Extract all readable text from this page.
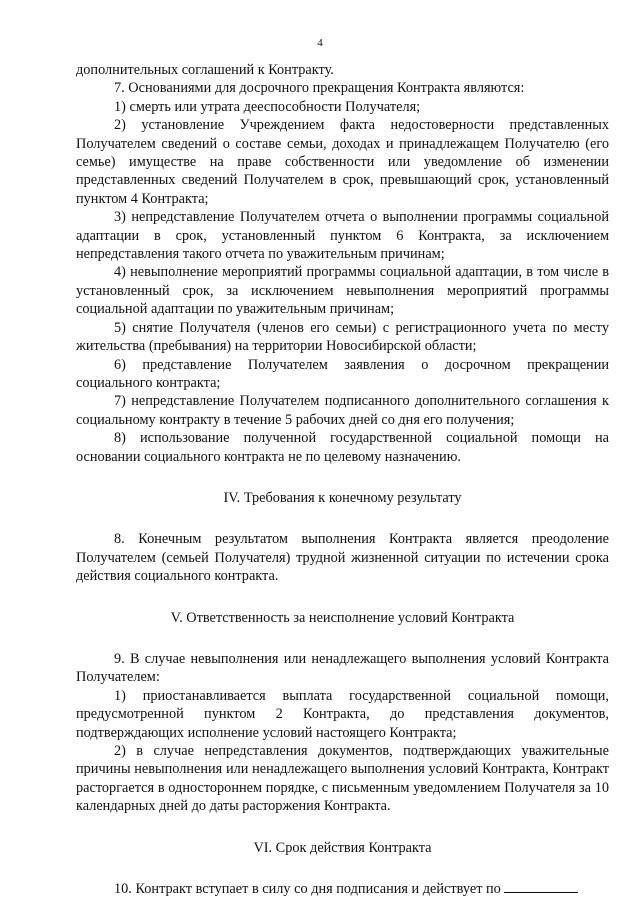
4

дополнительных соглашений к Контракту.

7. Основаниями для досрочного прекращения Контракта являются:

1) смерть или утрата дееспособности Получателя;

2) установление Учреждением факта недостоверности представленных Получателем сведений о составе семьи, доходах и принадлежащем Получателю (его семье) имуществе на праве собственности или уведомление об изменении представленных сведений Получателем в срок, превышающий срок, установленный пунктом 4 Контракта;

3) непредставление Получателем отчета о выполнении программы социальной адаптации в срок, установленный пунктом 6 Контракта, за исключением непредставления такого отчета по уважительным причинам;

4) невыполнение мероприятий программы социальной адаптации, в том числе в установленный срок, за исключением невыполнения мероприятий программы социальной адаптации по уважительным причинам;

5) снятие Получателя (членов его семьи) с регистрационного учета по месту жительства (пребывания) на территории Новосибирской области;

6) представление Получателем заявления о досрочном прекращении социального контракта;

7) непредставление Получателем подписанного дополнительного соглашения к социальному контракту в течение 5 рабочих дней со дня его получения;

8) использование полученной государственной социальной помощи на основании социального контракта не по целевому назначению.

IV. Требования к конечному результату

8. Конечным результатом выполнения Контракта является преодоление Получателем (семьей Получателя) трудной жизненной ситуации по истечении срока действия социального контракта.

V. Ответственность за неисполнение условий Контракта

9. В случае невыполнения или ненадлежащего выполнения условий Контракта Получателем:

1) приостанавливается выплата государственной социальной помощи, предусмотренной пунктом 2 Контракта, до представления документов, подтверждающих исполнение условий настоящего Контракта;

2) в случае непредставления документов, подтверждающих уважительные причины невыполнения или ненадлежащего выполнения условий Контракта, Контракт расторгается в одностороннем порядке, с письменным уведомлением Получателя за 10 календарных дней до даты расторжения Контракта.

VI. Срок действия Контракта

10. Контракт вступает в силу со дня подписания и действует по
